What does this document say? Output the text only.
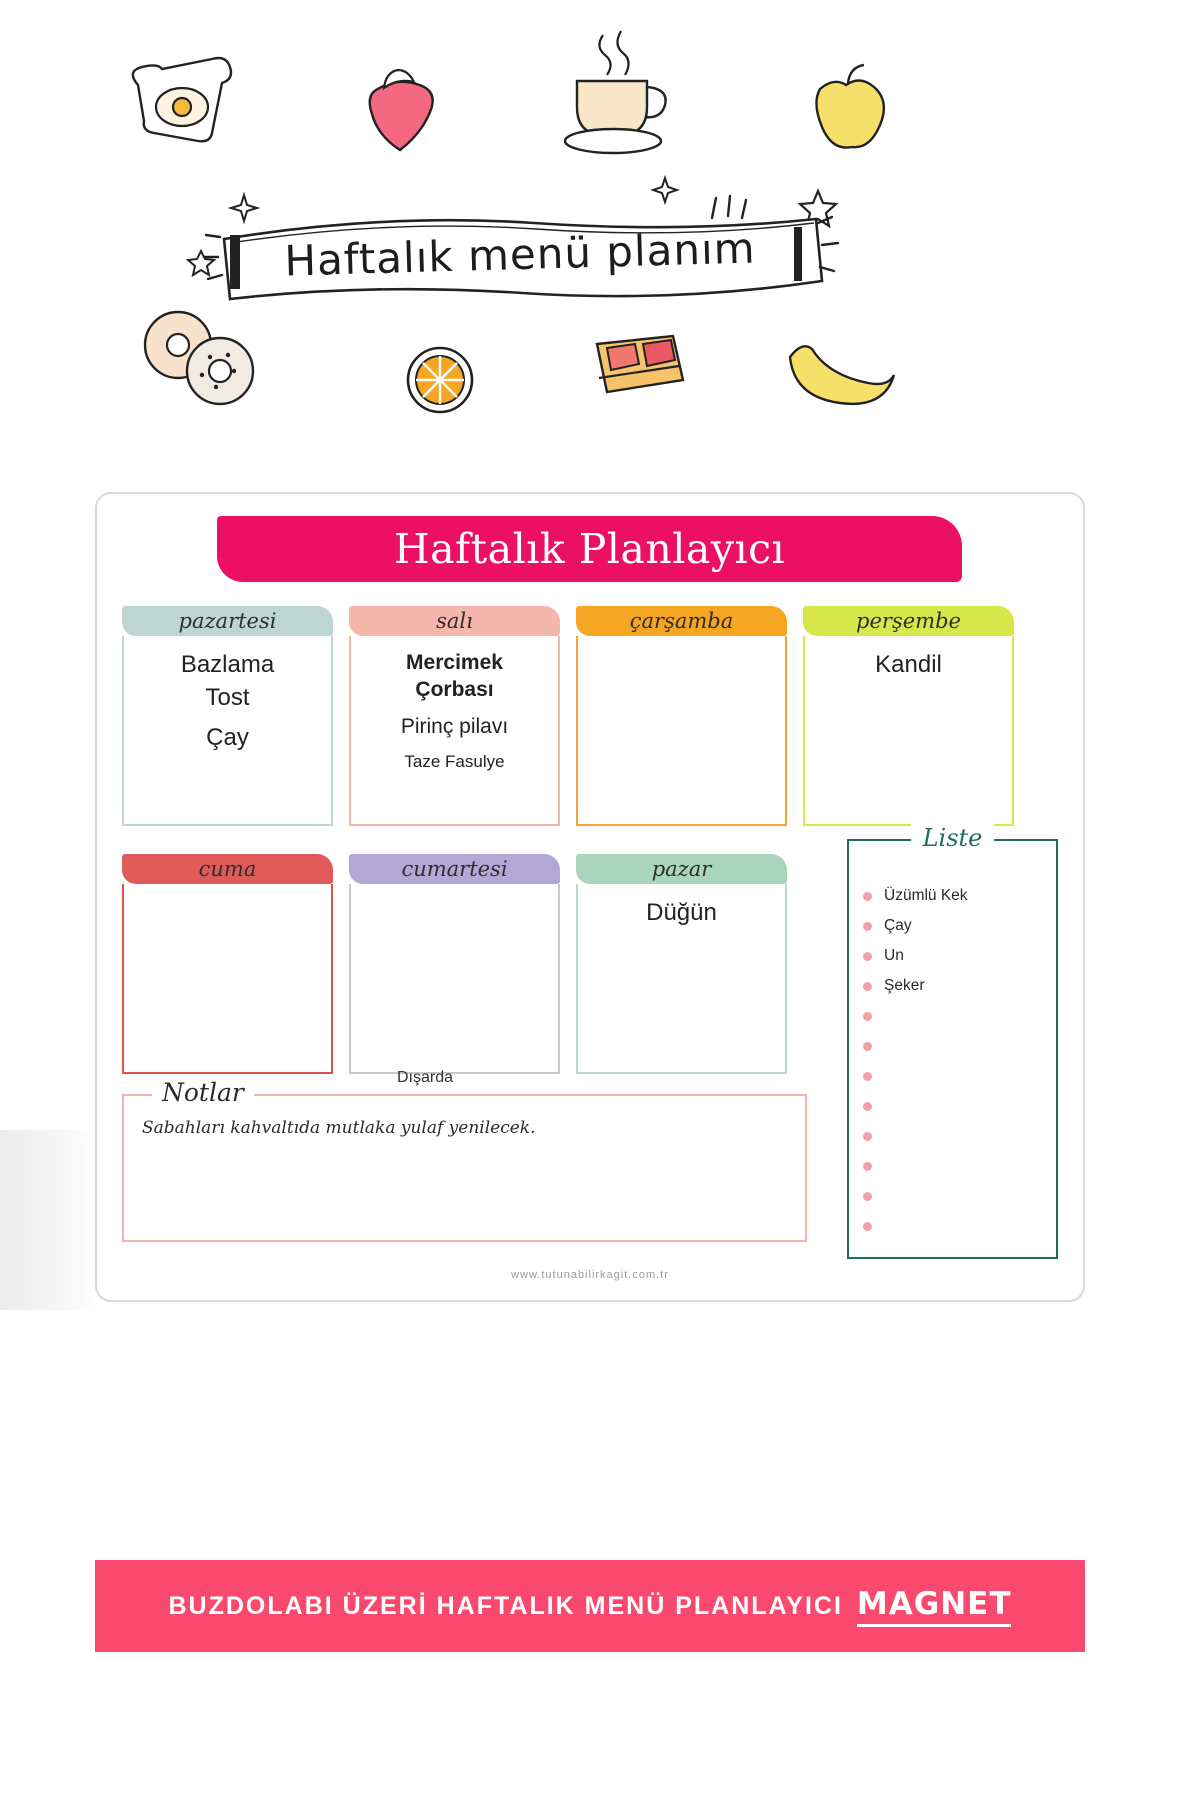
Haftalık menü planım
Haftalık Planlayıcı
pazartesi
Bazlama
Tost
Çay
salı
Mercimek
Çorbası
Pirinç pilavı
Taze Fasulye
çarşamba	perşembe
Kandil
cuma	cumartesi	pazar
Düğün
Dışarda
Liste
Üzümlü Kek
Çay
Un
Şeker
Notlar
Sabahları kahvaltıda mutlaka yulaf yenilecek.
www.tutunabilirkagit.com.tr
BUZDOLABI ÜZERİ HAFTALIK MENÜ PLANLAYICI MAGNET
